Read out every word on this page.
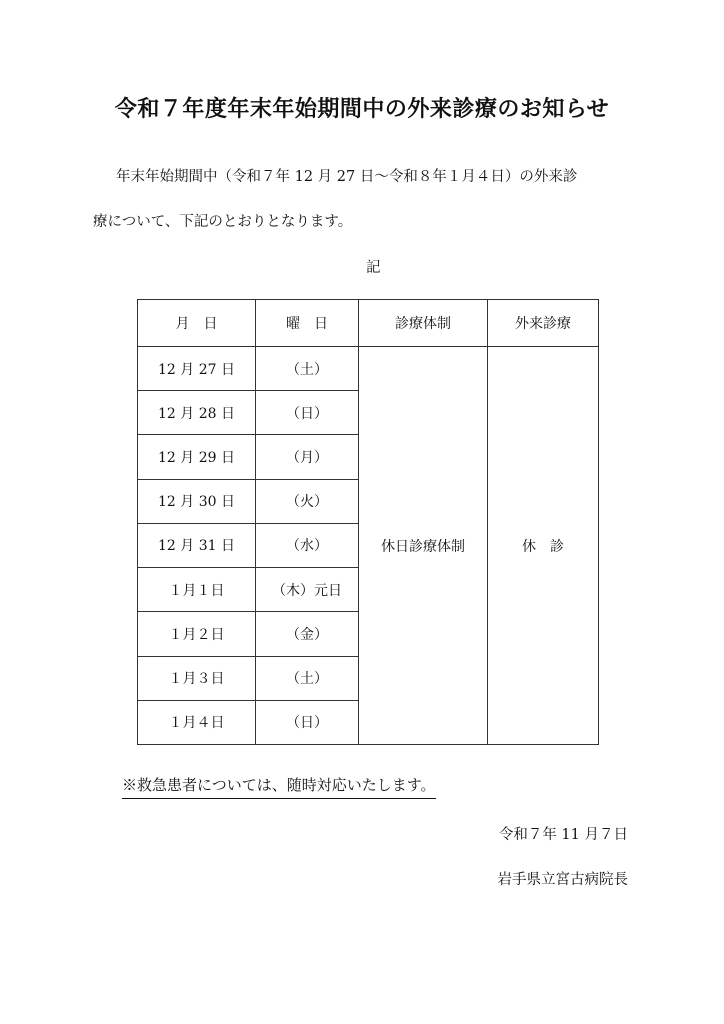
令和７年度年末年始期間中の外来診療のお知らせ
年末年始期間中（令和７年 12 月 27 日～令和８年１月４日）の外来診
療について、下記のとおりとなります。
記
月　日	曜　日	診療体制	外来診療
12 月 27 日	（土）	休日診療体制	休　診
12 月 28 日	（日）		
12 月 29 日	（月）		
12 月 30 日	（火）		
12 月 31 日	（水）		
１月１日	（木）元日		
１月２日	（金）		
１月３日	（土）		
１月４日	（日）		
※救急患者については、随時対応いたします。
令和７年 11 月７日
岩手県立宮古病院長
